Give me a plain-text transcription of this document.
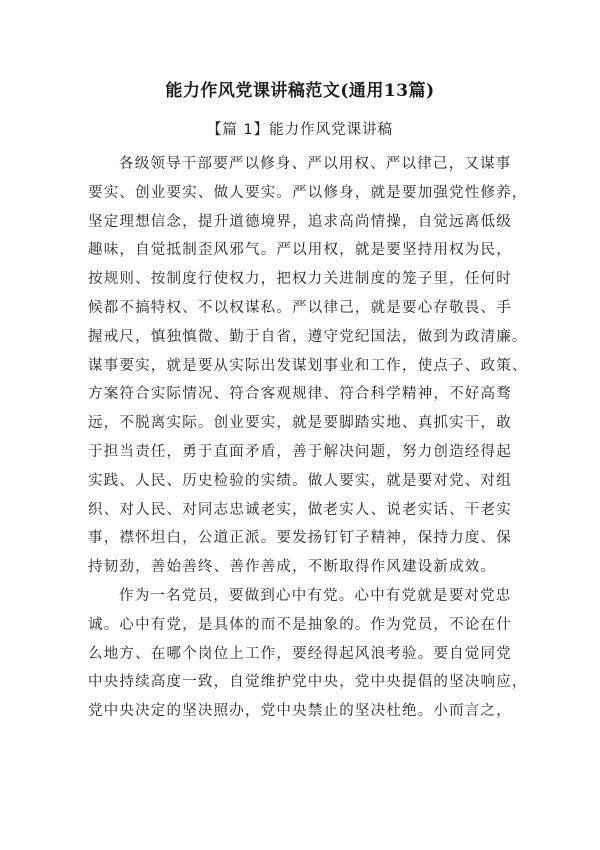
能力作风党课讲稿范文(通用13篇)
【篇 1】能力作风党课讲稿
各级领导干部要严以修身、严以用权、严以律己，又谋事
要实、创业要实、做人要实。严以修身，就是要加强党性修养，
坚定理想信念，提升道德境界，追求高尚情操，自觉远离低级
趣味，自觉抵制歪风邪气。严以用权，就是要坚持用权为民，
按规则、按制度行使权力，把权力关进制度的笼子里，任何时
候都不搞特权、不以权谋私。严以律己，就是要心存敬畏、手
握戒尺，慎独慎微、勤于自省，遵守党纪国法，做到为政清廉。
谋事要实，就是要从实际出发谋划事业和工作，使点子、政策、
方案符合实际情况、符合客观规律、符合科学精神，不好高骛
远，不脱离实际。创业要实，就是要脚踏实地、真抓实干，敢
于担当责任，勇于直面矛盾，善于解决问题，努力创造经得起
实践、人民、历史检验的实绩。做人要实，就是要对党、对组
织、对人民、对同志忠诚老实，做老实人、说老实话、干老实
事，襟怀坦白，公道正派。要发扬钉钉子精神，保持力度、保
持韧劲，善始善终、善作善成，不断取得作风建设新成效。
作为一名党员，要做到心中有党。心中有党就是要对党忠
诚。心中有党，是具体的而不是抽象的。作为党员，不论在什
么地方、在哪个岗位上工作，要经得起风浪考验。要自觉同党
中央持续高度一致，自觉维护党中央，党中央提倡的坚决响应，
党中央决定的坚决照办，党中央禁止的坚决杜绝。小而言之，
